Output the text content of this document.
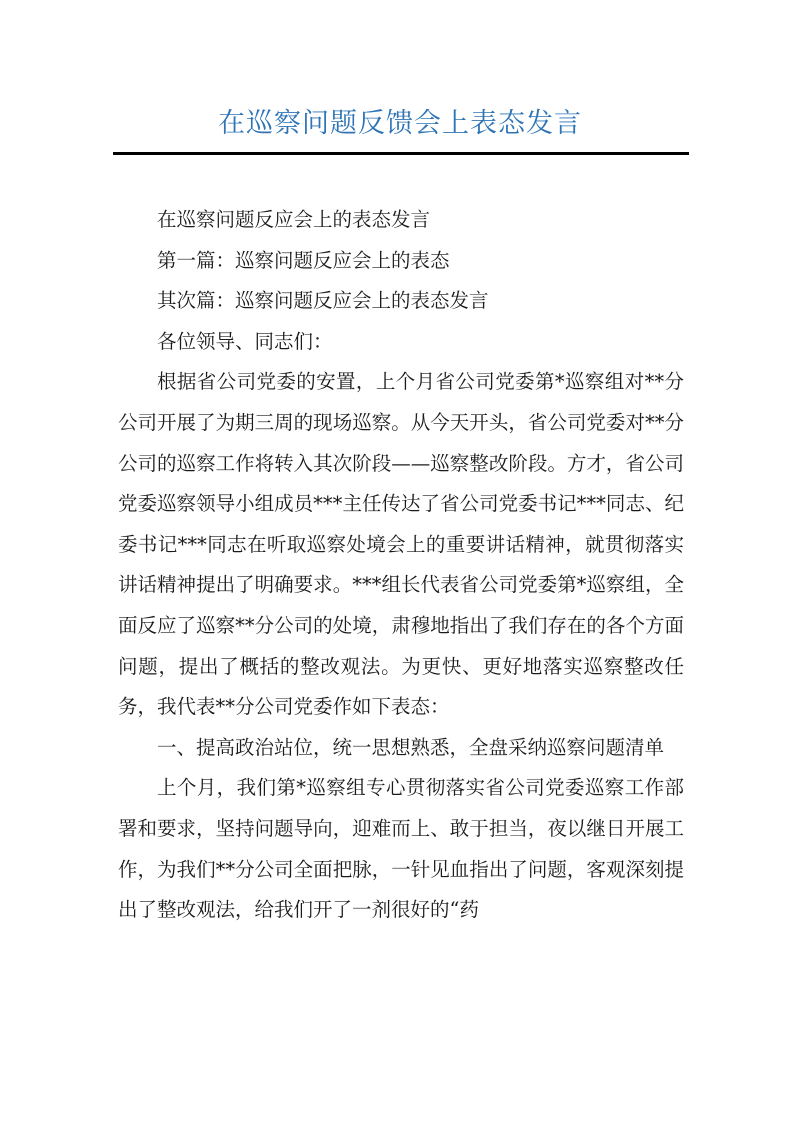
在巡察问题反馈会上表态发言

在巡察问题反应会上的表态发言

第一篇：巡察问题反应会上的表态

其次篇：巡察问题反应会上的表态发言

各位领导、同志们：

根据省公司党委的安置，上个月省公司党委第*巡察组对**分公司开展了为期三周的现场巡察。从今天开头，省公司党委对**分公司的巡察工作将转入其次阶段——巡察整改阶段。方才，省公司党委巡察领导小组成员***主任传达了省公司党委书记***同志、纪委书记***同志在听取巡察处境会上的重要讲话精神，就贯彻落实讲话精神提出了明确要求。***组长代表省公司党委第*巡察组，全面反应了巡察**分公司的处境，肃穆地指出了我们存在的各个方面问题，提出了概括的整改观法。为更快、更好地落实巡察整改任务，我代表**分公司党委作如下表态：

一、提高政治站位，统一思想熟悉，全盘采纳巡察问题清单

上个月，我们第*巡察组专心贯彻落实省公司党委巡察工作部署和要求，坚持问题导向，迎难而上、敢于担当，夜以继日开展工作，为我们**分公司全面把脉，一针见血指出了问题，客观深刻提出了整改观法，给我们开了一剂很好的“药
